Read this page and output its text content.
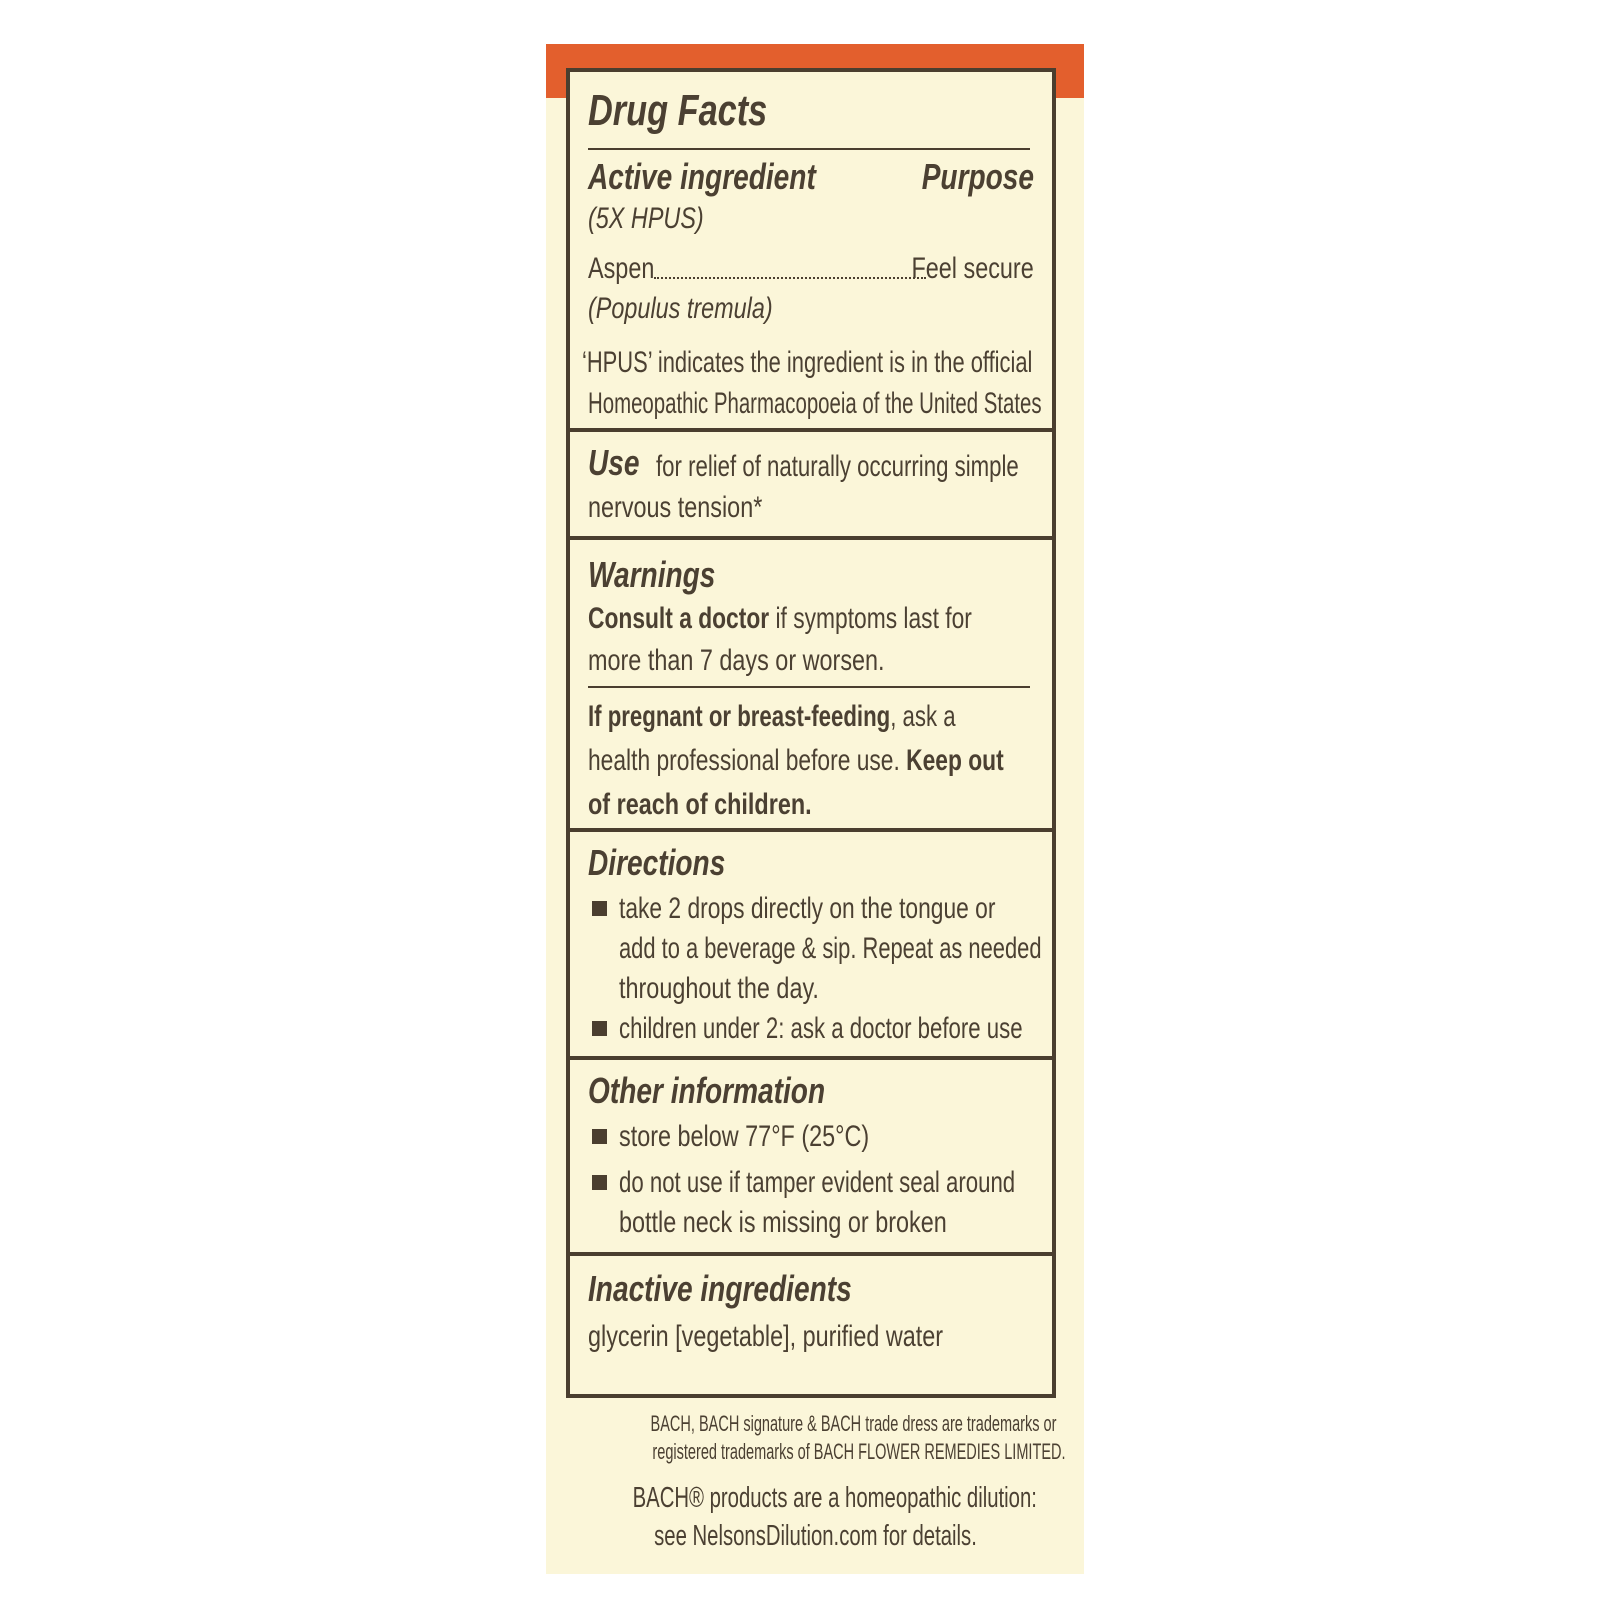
Drug Facts
Active ingredient	Purpose
(5X HPUS)
Aspen	Feel secure
(Populus tremula)
‘HPUS’ indicates the ingredient is in the official
Homeopathic Pharmacopoeia of the United States
Use for relief of naturally occurring simple
nervous tension*
Warnings
Consult a doctor if symptoms last for
more than 7 days or worsen.
If pregnant or breast-feeding, ask a
health professional before use. Keep out
of reach of children.
Directions
take 2 drops directly on the tongue or
add to a beverage & sip. Repeat as needed
throughout the day.
children under 2: ask a doctor before use
Other information
store below 77°F (25°C)
do not use if tamper evident seal around
bottle neck is missing or broken
Inactive ingredients
glycerin [vegetable], purified water
BACH, BACH signature & BACH trade dress are trademarks or
registered trademarks of BACH FLOWER REMEDIES LIMITED.
BACH® products are a homeopathic dilution:
see NelsonsDilution.com for details.
